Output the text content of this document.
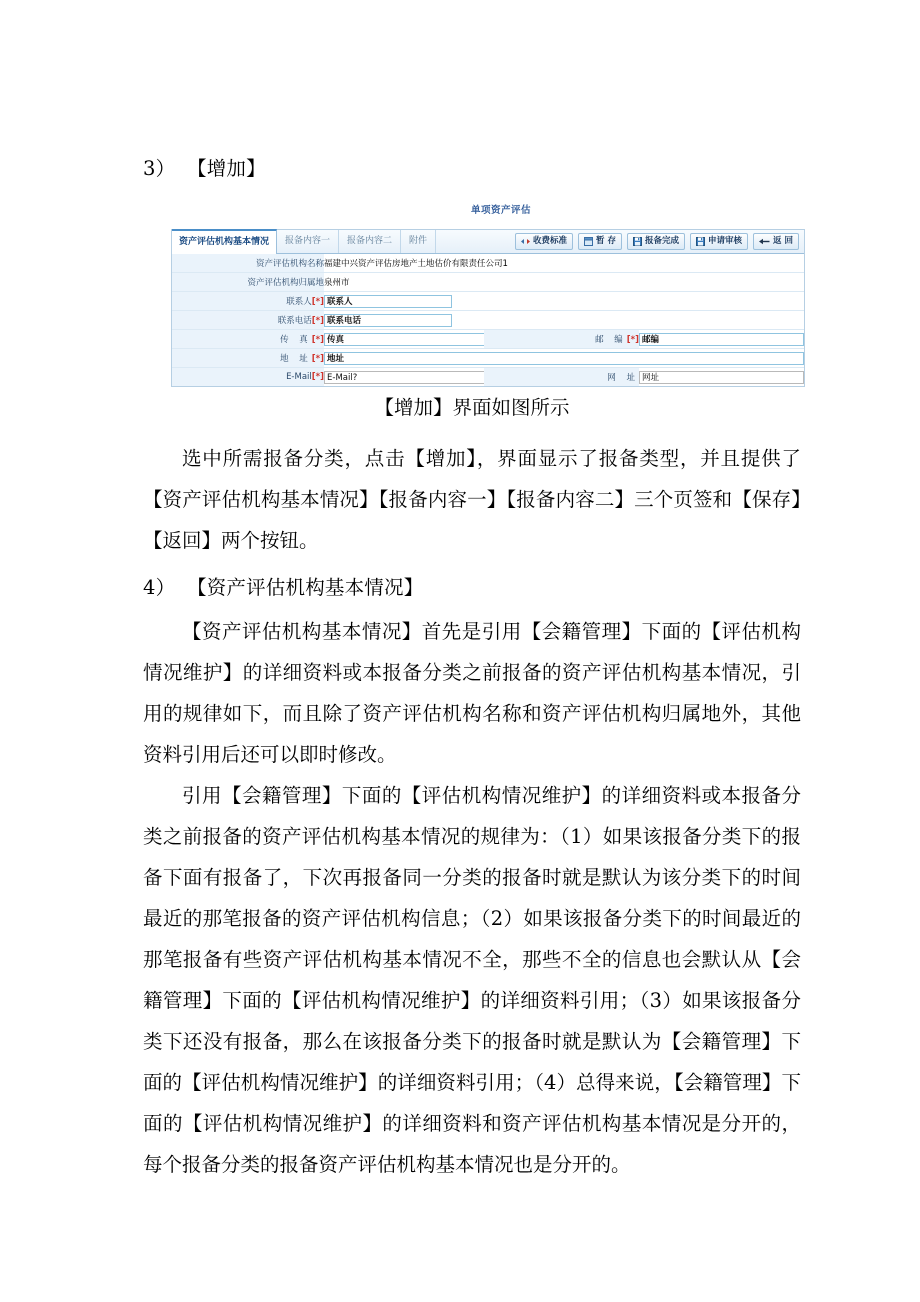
3） 【增加】
单项资产评估
资产评估机构基本情况	报备内容一	报备内容二	附件	收费标准	暂 存	报备完成	申请审核	返 回
资产评估机构名称	福建中兴资产评估房地产土地估价有限责任公司1		
资产评估机构归属地	泉州市		
联系人[*]	联系人		

联系电话[*]	联系电话		

传 真[*]	传真	邮 编[*]	邮编

地 址[*]	地址		

E-Mail[*]	E-Mail?	网 址	网址

【增加】界面如图所示

选中所需报备分类，点击【增加】，界面显示了报备类型，并且提供了【资产评估机构基本情况】【报备内容一】【报备内容二】三个页签和【保存】【返回】两个按钮。

4） 【资产评估机构基本情况】

【资产评估机构基本情况】首先是引用【会籍管理】下面的【评估机构情况维护】的详细资料或本报备分类之前报备的资产评估机构基本情况，引用的规律如下，而且除了资产评估机构名称和资产评估机构归属地外，其他资料引用后还可以即时修改。

引用【会籍管理】下面的【评估机构情况维护】的详细资料或本报备分类之前报备的资产评估机构基本情况的规律为：（1）如果该报备分类下的报备下面有报备了，下次再报备同一分类的报备时就是默认为该分类下的时间最近的那笔报备的资产评估机构信息；（2）如果该报备分类下的时间最近的那笔报备有些资产评估机构基本情况不全，那些不全的信息也会默认从【会籍管理】下面的【评估机构情况维护】的详细资料引用；（3）如果该报备分类下还没有报备，那么在该报备分类下的报备时就是默认为【会籍管理】下面的【评估机构情况维护】的详细资料引用；（4）总得来说，【会籍管理】下面的【评估机构情况维护】的详细资料和资产评估机构基本情况是分开的，每个报备分类的报备资产评估机构基本情况也是分开的。
